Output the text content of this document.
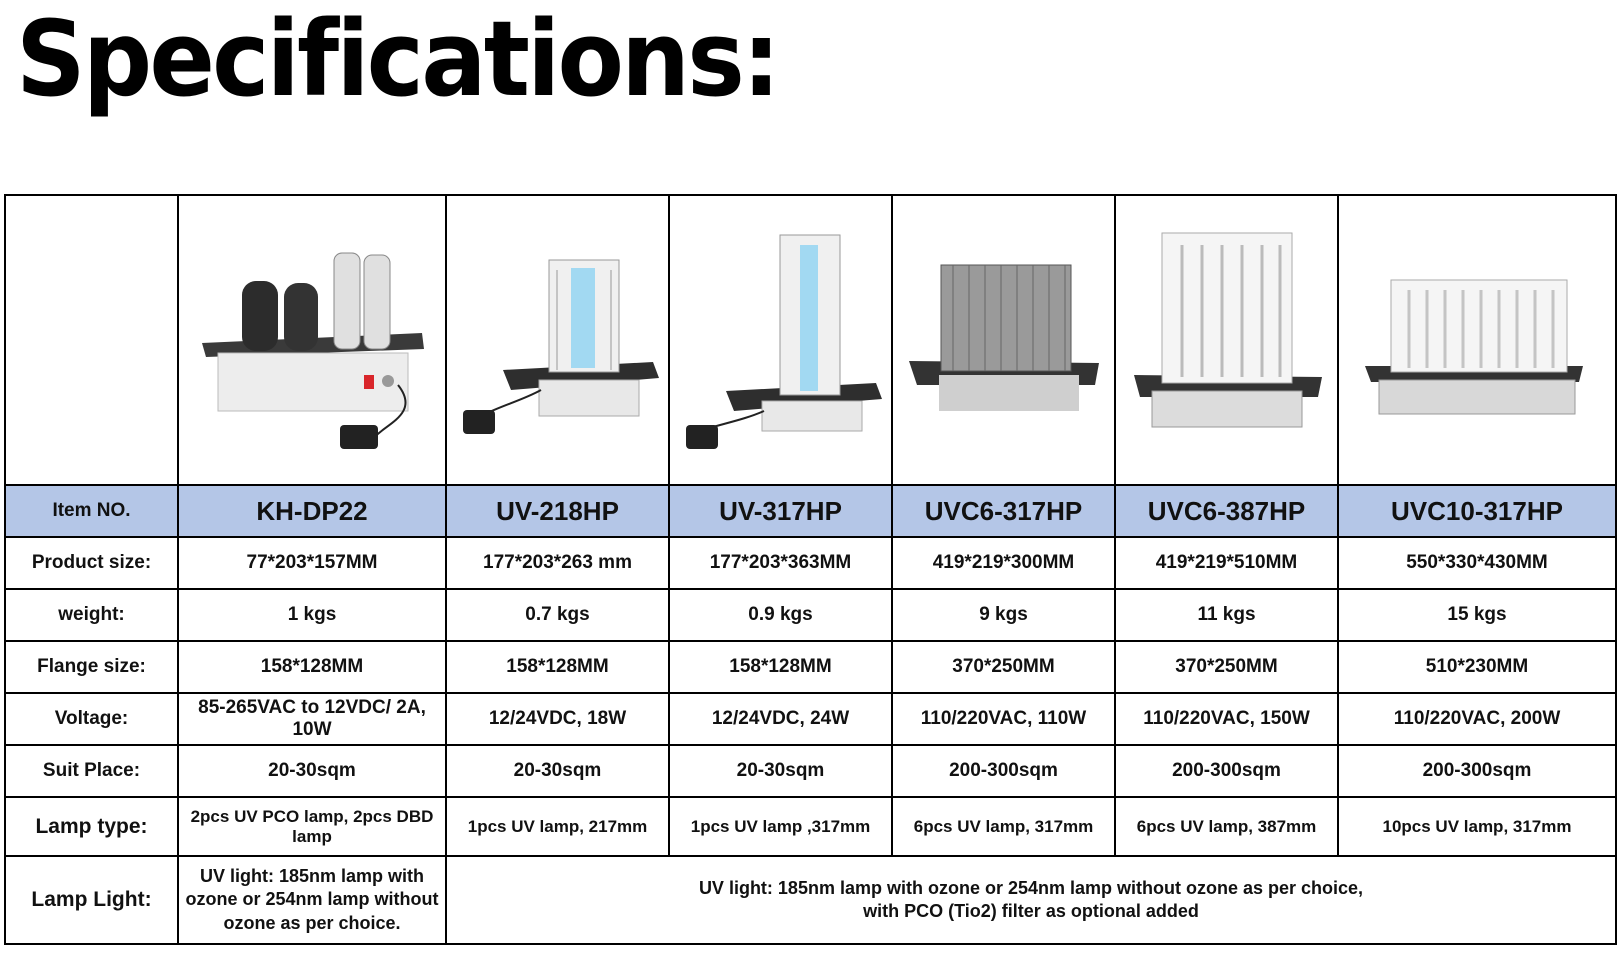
Specifications:

Item NO.	KH-DP22	UV-218HP	UV-317HP	UVC6-317HP	UVC6-387HP	UVC10-317HP
Product size:	77*203*157MM	177*203*263 mm	177*203*363MM	419*219*300MM	419*219*510MM	550*330*430MM
weight:	1 kgs	0.7 kgs	0.9 kgs	9 kgs	11 kgs	15 kgs
Flange size:	158*128MM	158*128MM	158*128MM	370*250MM	370*250MM	510*230MM
Voltage:	85-265VAC to 12VDC/ 2A, 10W	12/24VDC, 18W	12/24VDC, 24W	110/220VAC, 110W	110/220VAC, 150W	110/220VAC, 200W
Suit Place:	20-30sqm	20-30sqm	20-30sqm	200-300sqm	200-300sqm	200-300sqm
Lamp type:	2pcs UV PCO lamp, 2pcs DBD lamp	1pcs UV lamp, 217mm	1pcs UV lamp ,317mm	6pcs UV lamp, 317mm	6pcs UV lamp, 387mm	10pcs UV lamp, 317mm
Lamp Light:	UV light: 185nm lamp with ozone or 254nm lamp without ozone as per choice.	UV light: 185nm lamp with ozone or 254nm lamp without ozone as per choice,
with PCO (Tio2) filter as optional added				
